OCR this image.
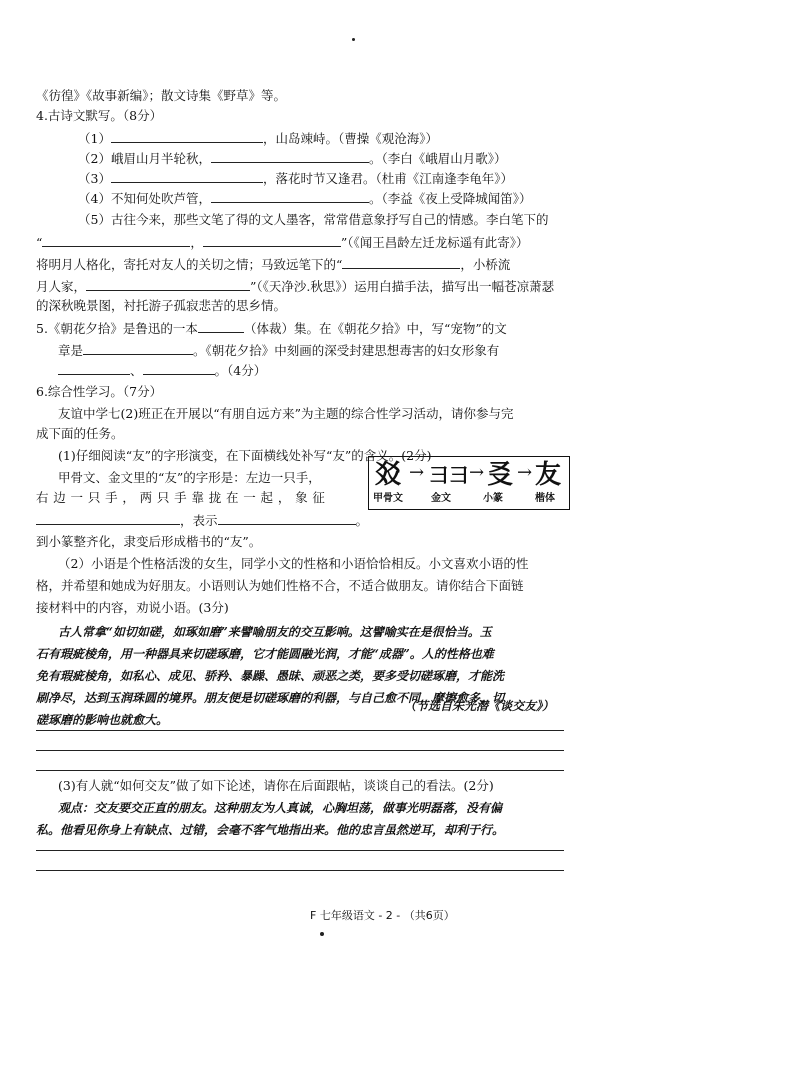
《彷徨》《故事新编》；散文诗集《野草》等。
4.古诗文默写。（8分）
（1）	，山岛竦峙。（曹操《观沧海》）
（2）峨眉山月半轮秋，	。（李白《峨眉山月歌》）
（3）	，落花时节又逢君。（杜甫《江南逢李龟年》）
（4）不知何处吹芦管，	。（李益《夜上受降城闻笛》）
（5）古往今来，那些文笔了得的文人墨客，常常借意象抒写自己的情感。李白笔下的
“	，	”（《闻王昌龄左迁龙标遥有此寄》）
将明月人格化，寄托对友人的关切之情；马致远笔下的“	，小桥流
月人家，	”（《天净沙.秋思》）运用白描手法，描写出一幅苍凉萧瑟
的深秋晚景图，衬托游子孤寂悲苦的思乡情。
5.《朝花夕拾》是鲁迅的一本	（体裁）集。在《朝花夕拾》中，写“宠物”的文
章是	。《朝花夕拾》中刻画的深受封建思想毒害的妇女形象有
、	。（4分）
6.综合性学习。（7分）
友谊中学七(2)班正在开展以“有朋自远方来”为主题的综合性学习活动，请你参与完
成下面的任务。
(1)仔细阅读“友”的字形演变，在下面横线处补写“友”的含义。(2分)
甲骨文、金文里的“友”的字形是：左边一只手，
右 边 一 只 手 ， 两 只 手 靠 拢 在 一 起 ， 象 征
，表示	。
到小篆整齐化，隶变后形成楷书的“友”。
㸚 → 彐彐 → 㕛 → 友
甲骨文	金文	小篆	楷体
（2）小语是个性格活泼的女生，同学小文的性格和小语恰恰相反。小文喜欢小语的性
格，并希望和她成为好朋友。小语则认为她们性格不合，不适合做朋友。请你结合下面链
接材料中的内容，劝说小语。(3分)
古人常拿“如切如磋，如琢如磨”来譬喻朋友的交互影响。这譬喻实在是很恰当。玉
石有瑕疵棱角，用一种器具来切磋琢磨，它才能圆融光润，才能“成器”。人的性格也难
免有瑕疵棱角，如私心、成见、骄矜、暴躁、愚昧、顽恶之类，要多受切磋琢磨，才能洗
刷净尽，达到玉润珠圆的境界。朋友便是切磋琢磨的利器，与自己愈不同，摩擦愈多，切
磋琢磨的影响也就愈大。
（节选自朱光潜《谈交友》）
(3)有人就“如何交友”做了如下论述，请你在后面跟帖，谈谈自己的看法。(2分)
观点：交友要交正直的朋友。这种朋友为人真诚，心胸坦荡，做事光明磊落，没有偏
私。他看见你身上有缺点、过错，会毫不客气地指出来。他的忠言虽然逆耳，却利于行。
F 七年级语文 - 2 - （共6页）
